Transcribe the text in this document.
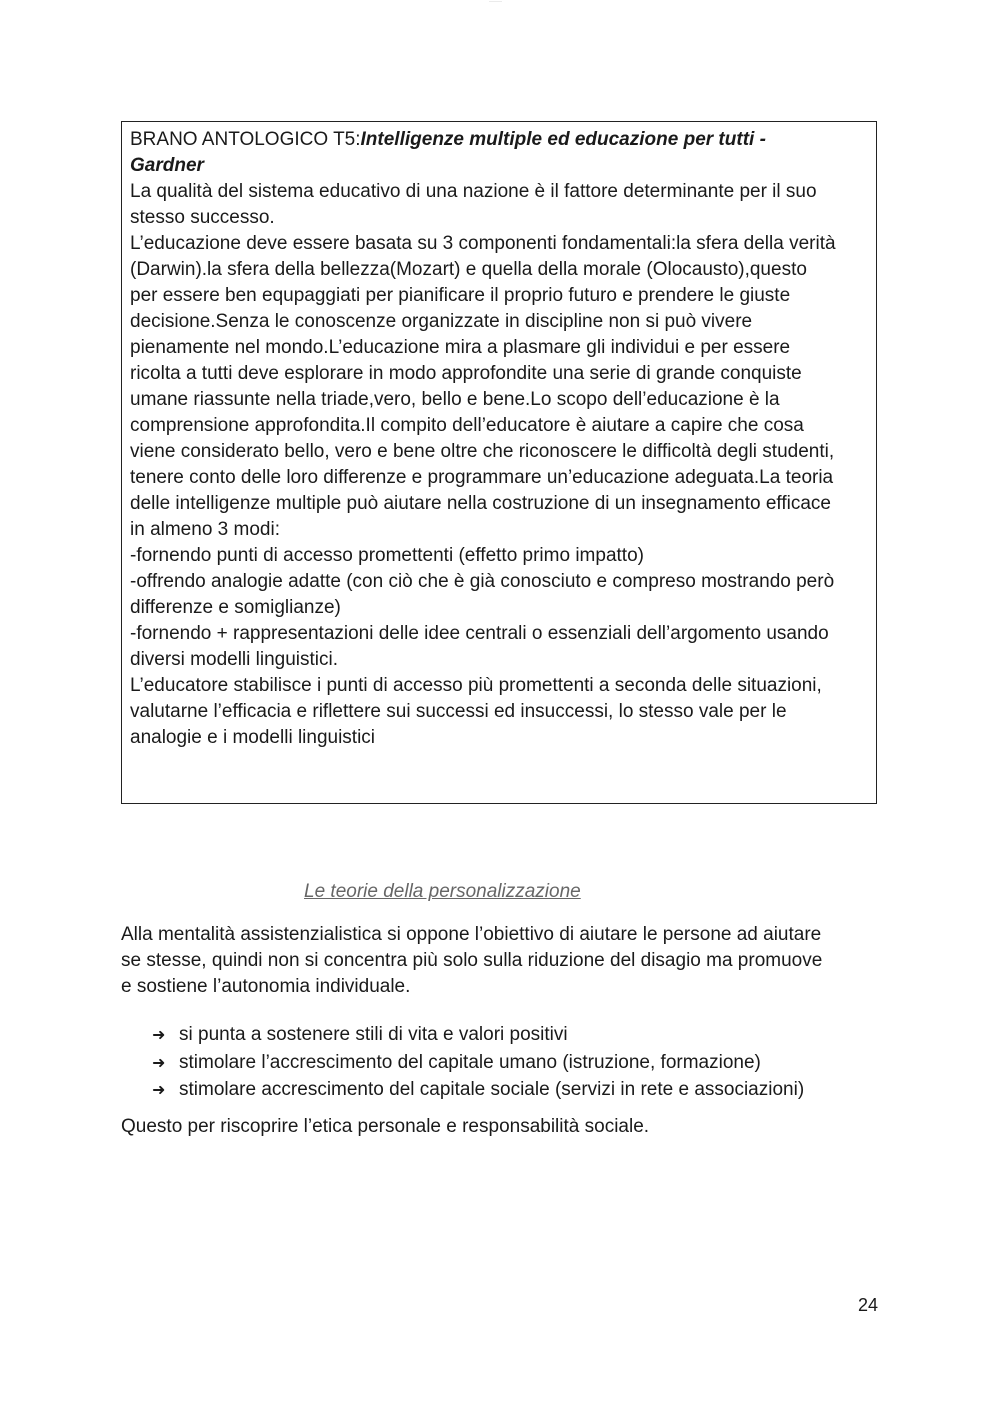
-------------
BRANO ANTOLOGICO T5:Intelligenze multiple ed educazione per tutti -
Gardner
La qualità del sistema educativo di una nazione è il fattore determinante per il suo
stesso successo.
L’educazione deve essere basata su 3 componenti fondamentali:la sfera della verità
(Darwin).la sfera della bellezza(Mozart) e quella della morale (Olocausto),questo
per essere ben equpaggiati per pianificare il proprio futuro e prendere le giuste
decisione.Senza le conoscenze organizzate in discipline non si può vivere
pienamente nel mondo.L’educazione mira a plasmare gli individui e per essere
ricolta a tutti deve esplorare in modo approfondite una serie di grande conquiste
umane riassunte nella triade,vero, bello e bene.Lo scopo dell’educazione è la
comprensione approfondita.Il compito dell’educatore è aiutare a capire che cosa
viene considerato bello, vero e bene oltre che riconoscere le difficoltà degli studenti,
tenere conto delle loro differenze e programmare un’educazione adeguata.La teoria
delle intelligenze multiple può aiutare nella costruzione di un insegnamento efficace
in almeno 3 modi:
-fornendo punti di accesso promettenti (effetto primo impatto)
-offrendo analogie adatte (con ciò che è già conosciuto e compreso mostrando però
differenze e somiglianze)
-fornendo + rappresentazioni delle idee centrali o essenziali dell’argomento usando
diversi modelli linguistici.
L’educatore stabilisce i punti di accesso più promettenti a seconda delle situazioni,
valutarne l’efficacia e riflettere sui successi ed insuccessi, lo stesso vale per le
analogie e i modelli linguistici
Le teorie della personalizzazione
Alla mentalità assistenzialistica si oppone l’obiettivo di aiutare le persone ad aiutare
se stesse, quindi non si concentra più solo sulla riduzione del disagio ma promuove
e sostiene l’autonomia individuale.
➜ si punta a sostenere stili di vita e valori positivi
➜ stimolare l’accrescimento del capitale umano (istruzione, formazione)
➜ stimolare accrescimento del capitale sociale (servizi in rete e associazioni)
Questo per riscoprire l’etica personale e responsabilità sociale.
24
